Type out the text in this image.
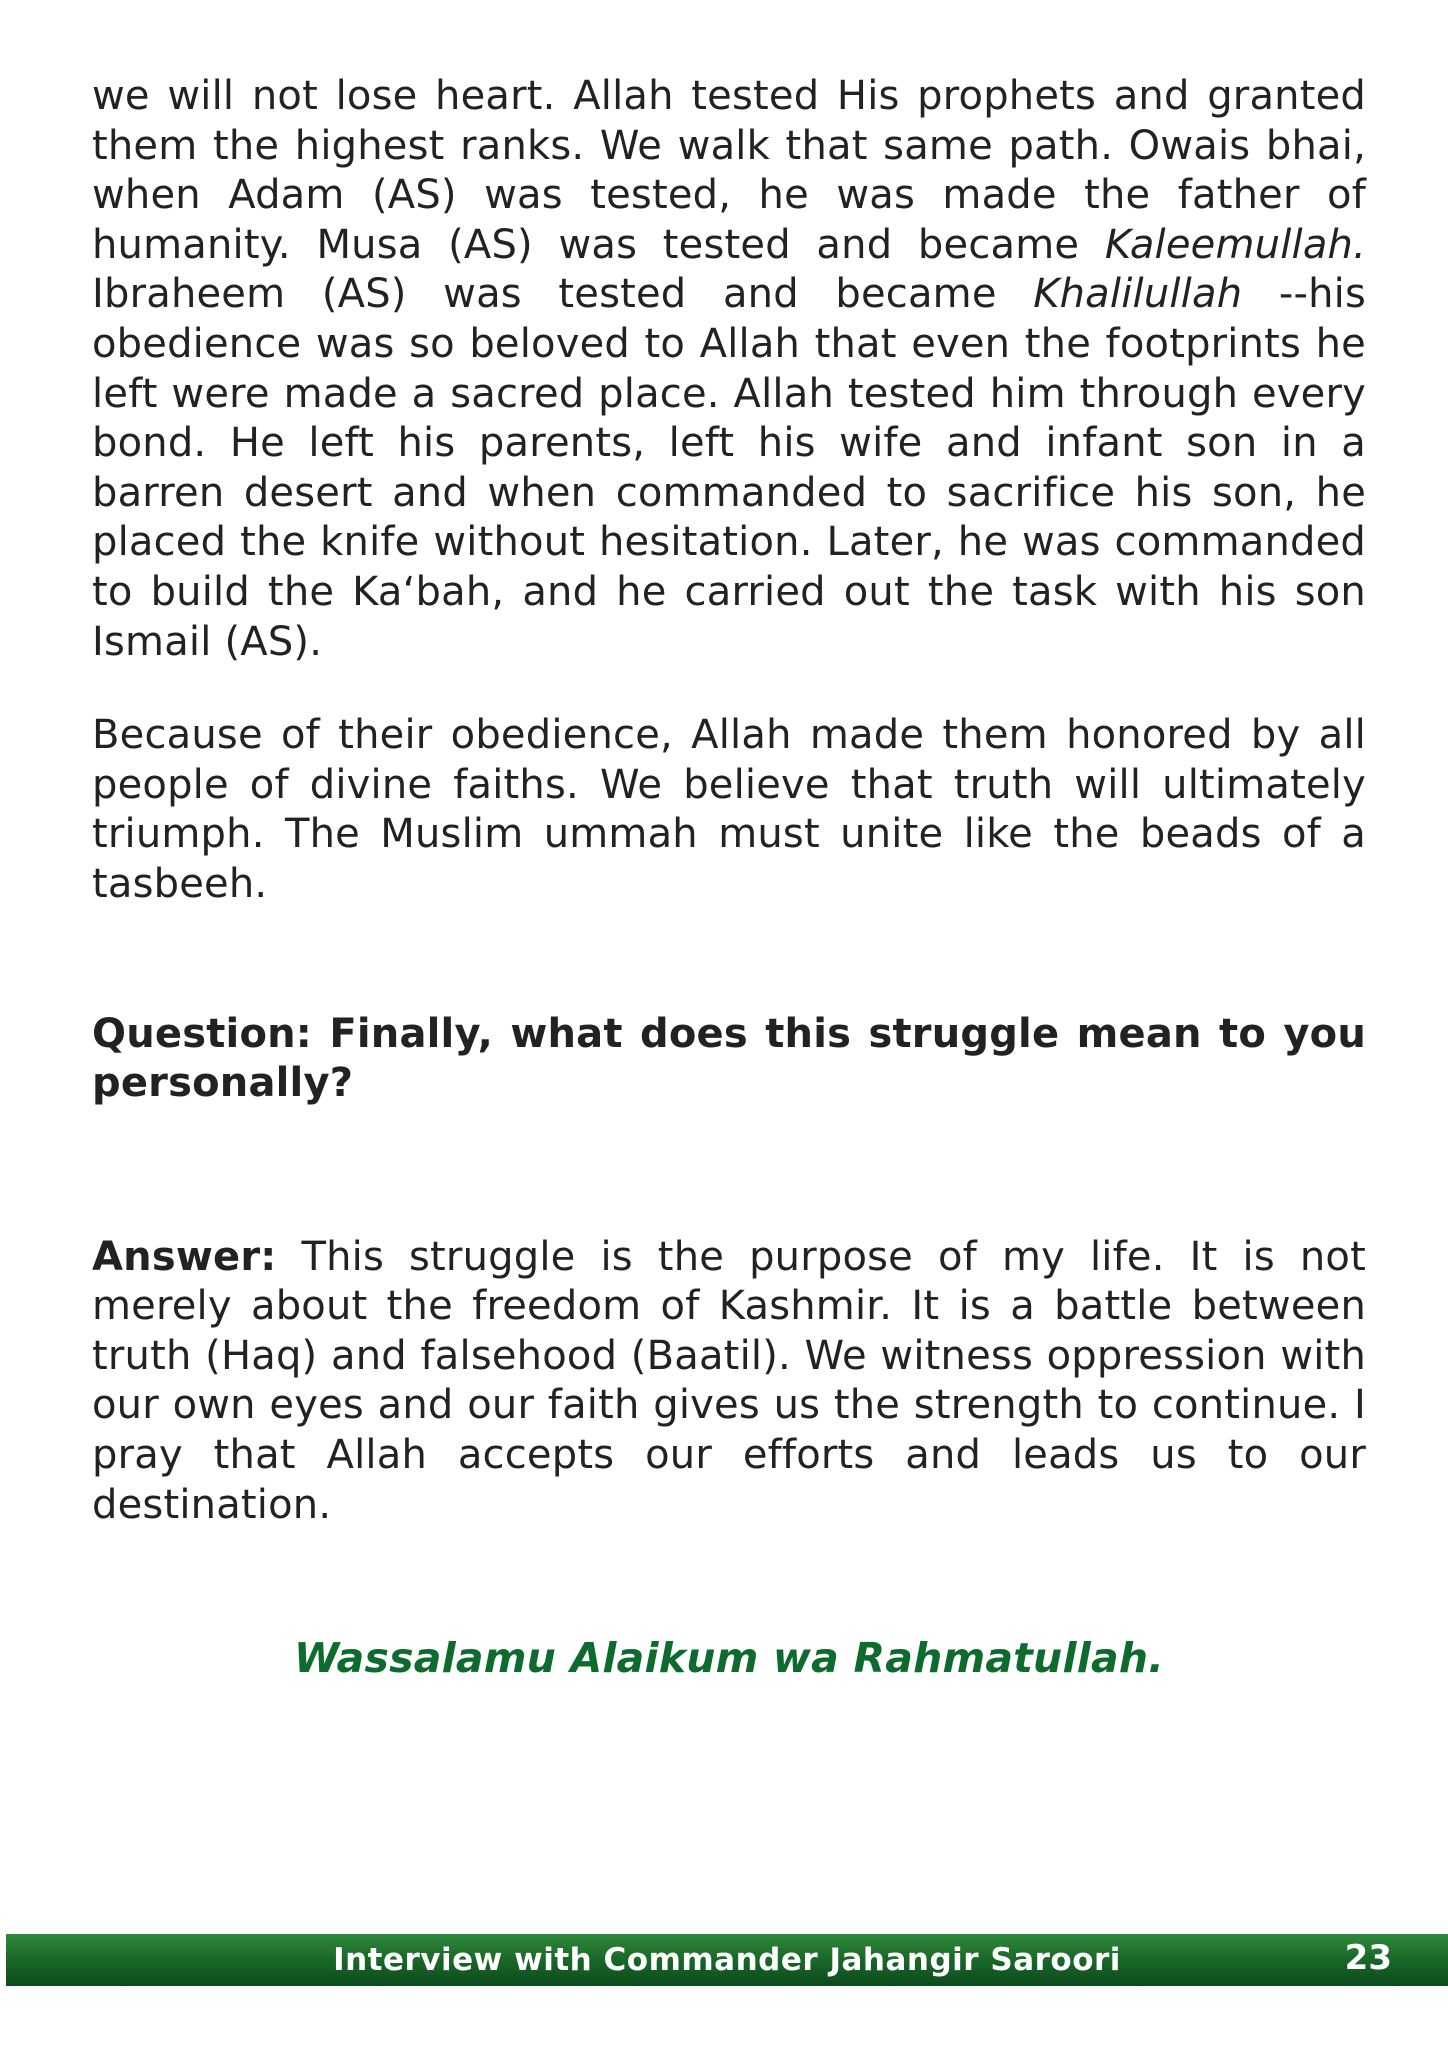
we will not lose heart. Allah tested His prophets and granted them the highest ranks. We walk that same path. Owais bhai, when Adam (AS) was tested, he was made the father of humanity. Musa (AS) was tested and became Kaleemullah. Ibraheem (AS) was tested and became Khalilullah --his obedience was so beloved to Allah that even the footprints he left were made a sacred place. Allah tested him through every bond. He left his parents, left his wife and infant son in a barren desert and when commanded to sacrifice his son, he placed the knife without hesitation. Later, he was commanded to build the Ka‘bah, and he carried out the task with his son Ismail (AS).

Because of their obedience, Allah made them honored by all people of divine faiths. We believe that truth will ultimately triumph. The Muslim ummah must unite like the beads of a tasbeeh.

Question: Finally, what does this struggle mean to you personally?

Answer: This struggle is the purpose of my life. It is not merely about the freedom of Kashmir. It is a battle between truth (Haq) and falsehood (Baatil). We witness oppression with our own eyes and our faith gives us the strength to continue. I pray that Allah accepts our efforts and leads us to our destination.

Wassalamu Alaikum wa Rahmatullah.

Interview with Commander Jahangir Saroori	23
